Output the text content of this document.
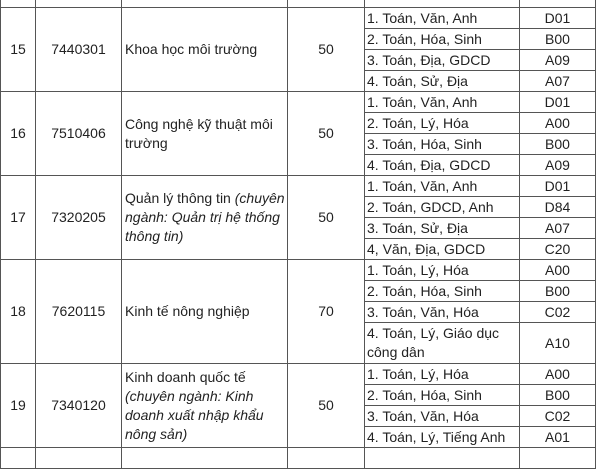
15	7440301	Khoa học môi trường	50	1. Toán, Văn, Anh	D01
				2. Toán, Hóa, Sinh	B00
				3. Toán, Địa, GDCD	A09
				4. Toán, Sử, Địa	A07
16	7510406	Công nghệ kỹ thuật môi trường	50	1. Toán, Văn, Anh	D01
				2. Toán, Lý, Hóa	A00
				3. Toán, Hóa, Sinh	B00
				4. Toán, Địa, GDCD	A09
17	7320205	Quản lý thông tin (chuyên ngành: Quản trị hệ thống thông tin)	50	1. Toán, Văn, Anh	D01
				2. Toán, GDCD, Anh	D84
				3. Toán, Sử, Địa	A07
				4, Văn, Địa, GDCD	C20
18	7620115	Kinh tế nông nghiệp	70	1. Toán, Lý, Hóa	A00
				2. Toán, Hóa, Sinh	B00
				3. Toán, Văn, Hóa	C02
				4. Toán, Lý, Giáo dục công dân	A10
19	7340120	Kinh doanh quốc tế (chuyên ngành: Kinh doanh xuất nhập khẩu nông sản)	50	1. Toán, Lý, Hóa	A00
				2. Toán, Hóa, Sinh	B00
				3. Toán, Văn, Hóa	C02
				4. Toán, Lý, Tiếng Anh	A01
